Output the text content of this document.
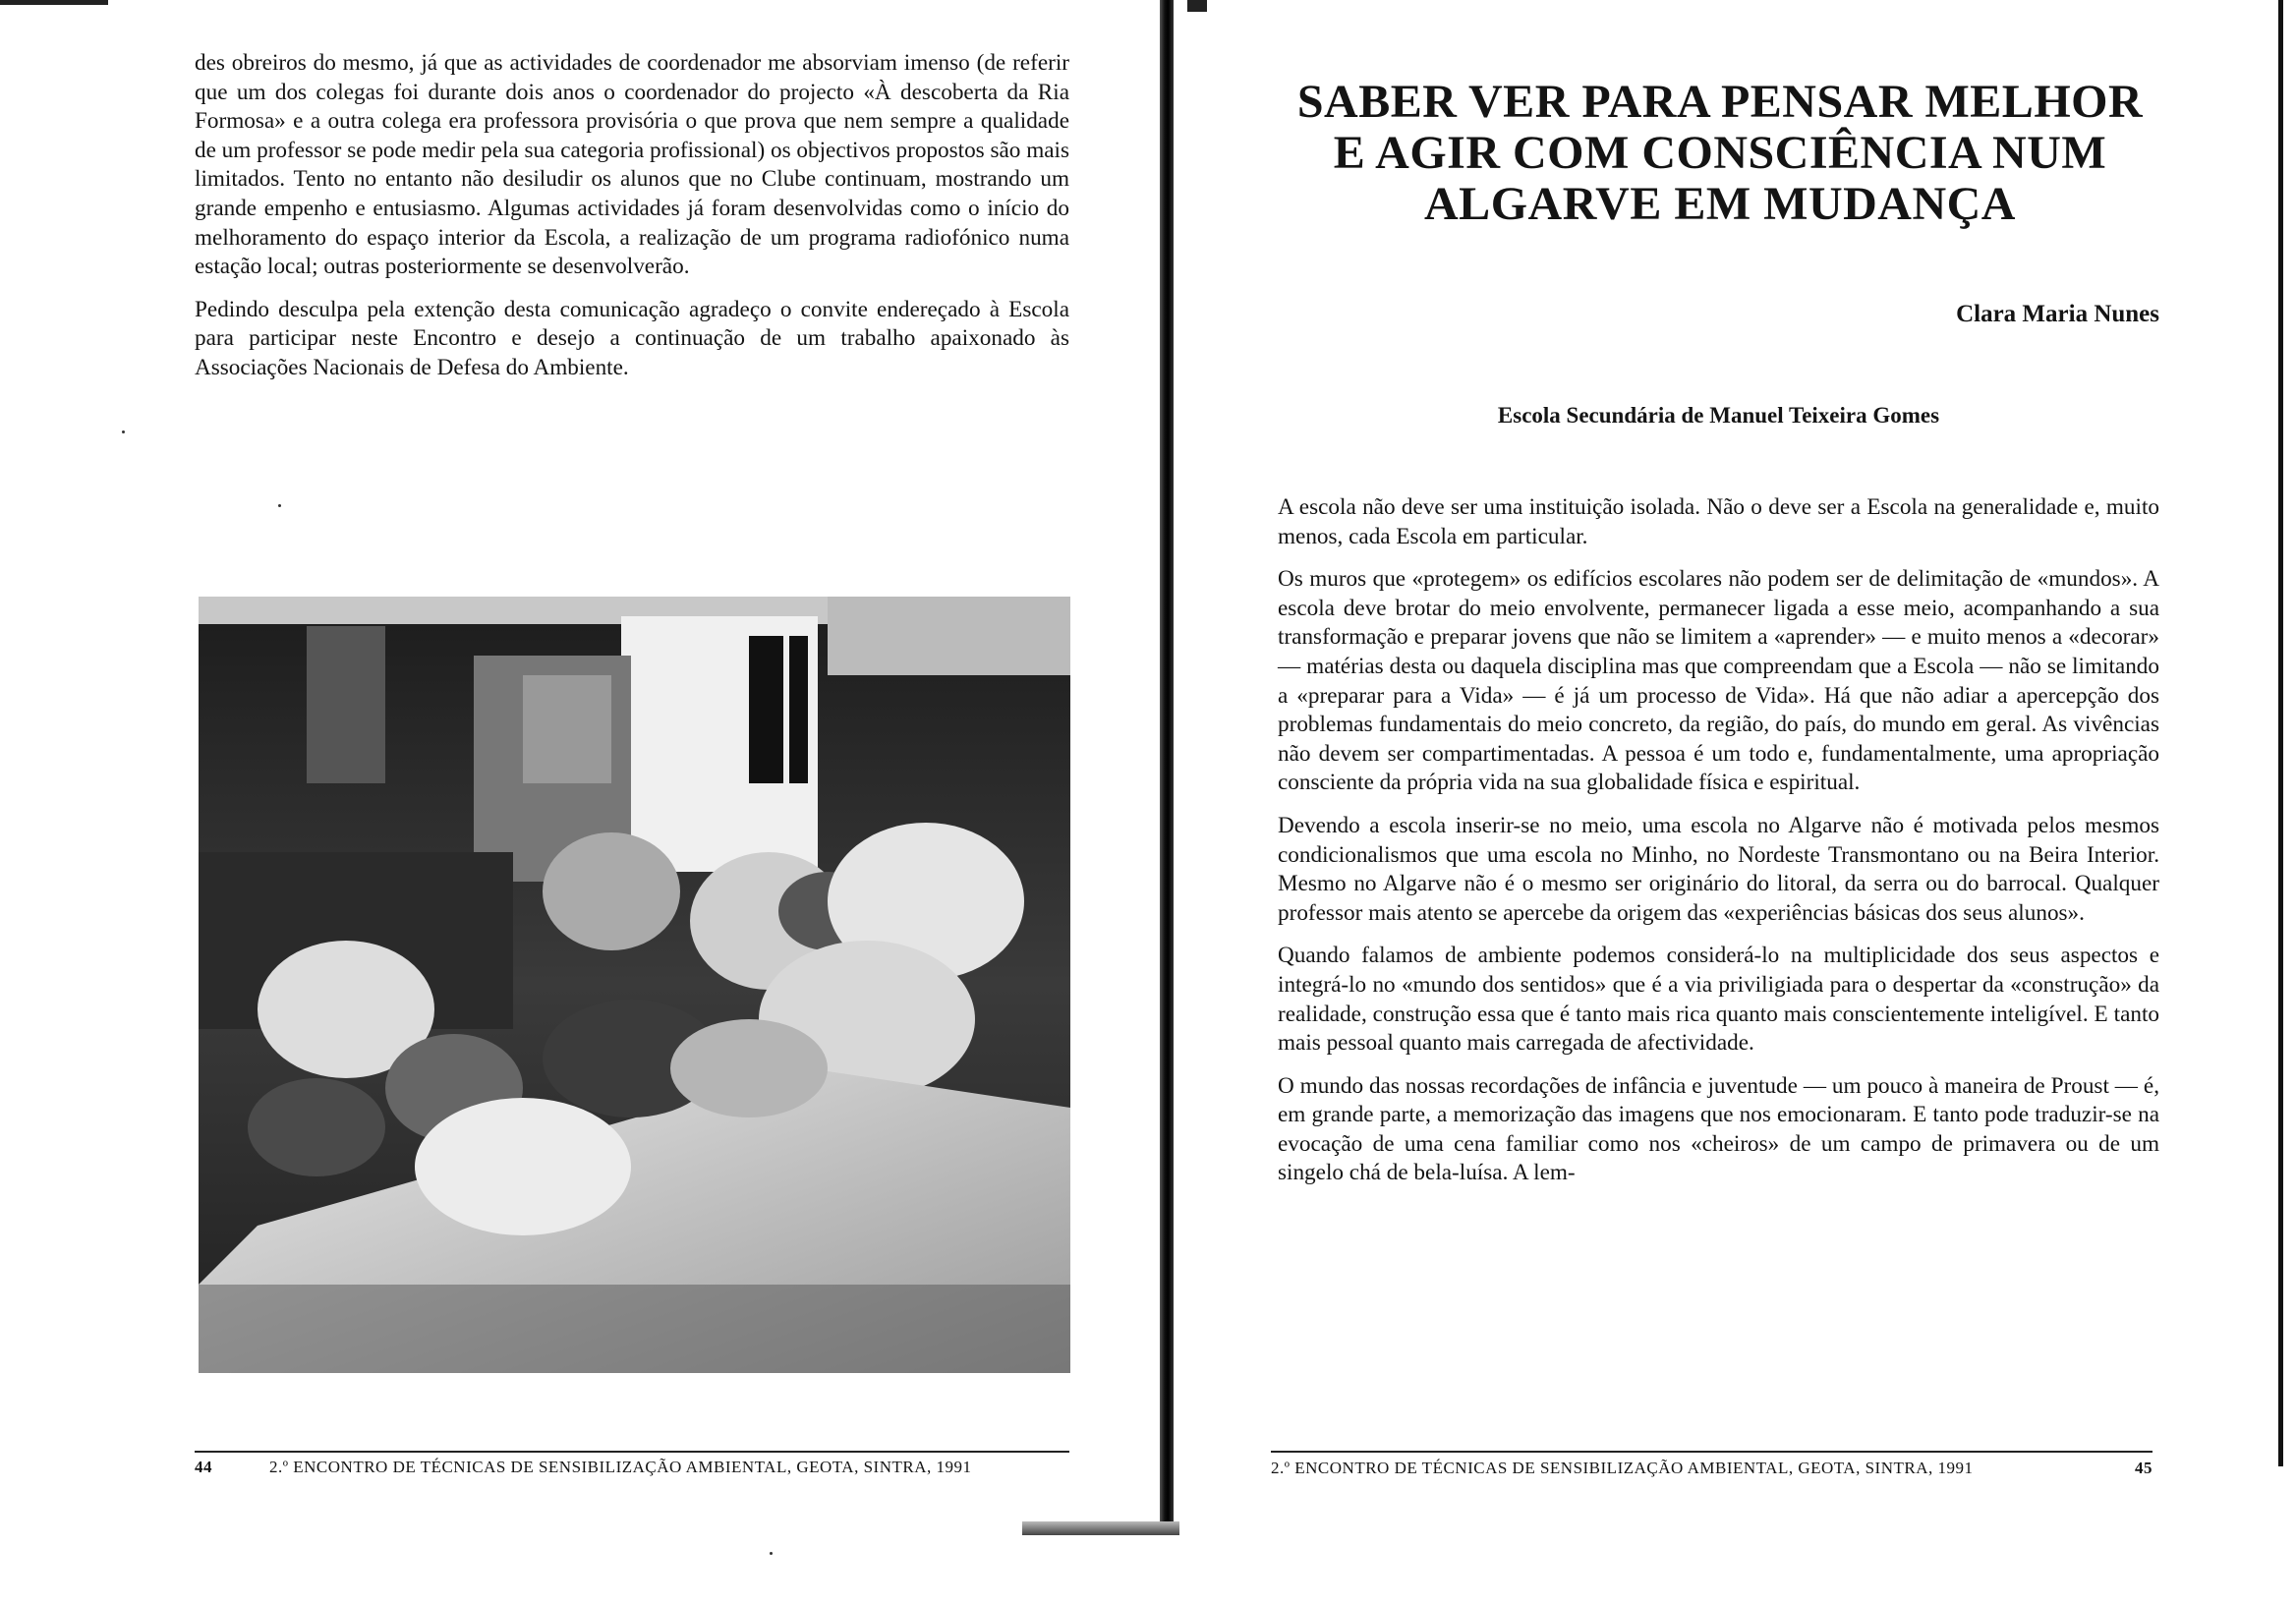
des obreiros do mesmo, já que as actividades de coordenador me absorviam imenso (de referir que um dos colegas foi durante dois anos o coordenador do projecto «À descoberta da Ria Formosa» e a outra colega era professora provisória o que prova que nem sempre a qualidade de um professor se pode medir pela sua categoria profissional) os objectivos propostos são mais limitados. Tento no entanto não desiludir os alunos que no Clube continuam, mostrando um grande empenho e entusiasmo. Algumas actividades já foram desenvolvidas como o início do melhoramento do espaço interior da Escola, a realização de um programa radiofónico numa estação local; outras posteriormente se desenvolverão.

Pedindo desculpa pela extenção desta comunicação agradeço o convite endereçado à Escola para participar neste Encontro e desejo a continuação de um trabalho apaixonado às Associações Nacionais de Defesa do Ambiente.

44	2.º ENCONTRO DE TÉCNICAS DE SENSIBILIZAÇÃO AMBIENTAL, GEOTA, SINTRA, 1991
SABER VER PARA PENSAR MELHOR
E AGIR COM CONSCIÊNCIA NUM
ALGARVE EM MUDANÇA
Clara Maria Nunes
Escola Secundária de Manuel Teixeira Gomes

A escola não deve ser uma instituição isolada. Não o deve ser a Escola na generalidade e, muito menos, cada Escola em particular.

Os muros que «protegem» os edifícios escolares não podem ser de delimitação de «mundos». A escola deve brotar do meio envolvente, permanecer ligada a esse meio, acompanhando a sua transformação e preparar jovens que não se limitem a «aprender» — e muito menos a «decorar» — matérias desta ou daquela disciplina mas que compreendam que a Escola — não se limitando a «preparar para a Vida» — é já um processo de Vida». Há que não adiar a apercepção dos problemas fundamentais do meio concreto, da região, do país, do mundo em geral. As vivências não devem ser compartimentadas. A pessoa é um todo e, fundamentalmente, uma apropriação consciente da própria vida na sua globalidade física e espiritual.

Devendo a escola inserir-se no meio, uma escola no Algarve não é motivada pelos mesmos condicionalismos que uma escola no Minho, no Nordeste Transmontano ou na Beira Interior. Mesmo no Algarve não é o mesmo ser originário do litoral, da serra ou do barrocal. Qualquer professor mais atento se apercebe da origem das «experiências básicas dos seus alunos».

Quando falamos de ambiente podemos considerá-lo na multiplicidade dos seus aspectos e integrá-lo no «mundo dos sentidos» que é a via priviligiada para o despertar da «construção» da realidade, construção essa que é tanto mais rica quanto mais conscientemente inteligível. E tanto mais pessoal quanto mais carregada de afectividade.

O mundo das nossas recordações de infância e juventude — um pouco à maneira de Proust — é, em grande parte, a memorização das imagens que nos emocionaram. E tanto pode traduzir-se na evocação de uma cena familiar como nos «cheiros» de um campo de primavera ou de um singelo chá de bela-luísa. A lem-

2.º ENCONTRO DE TÉCNICAS DE SENSIBILIZAÇÃO AMBIENTAL, GEOTA, SINTRA, 1991	45
